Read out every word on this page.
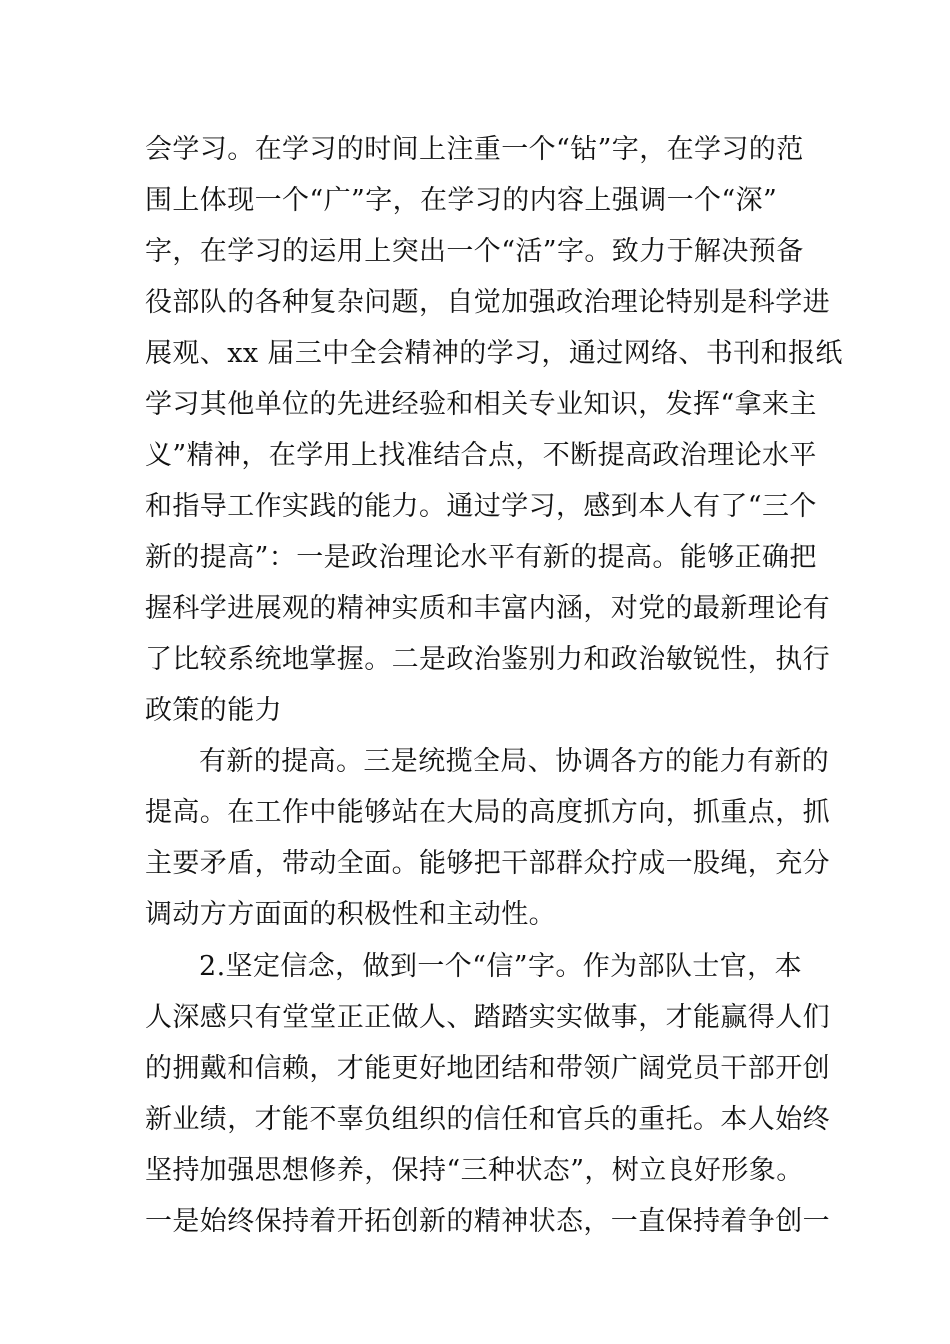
会学习。在学习的时间上注重一个“钻”字，在学习的范
围上体现一个“广”字，在学习的内容上强调一个“深”
字，在学习的运用上突出一个“活”字。致力于解决预备
役部队的各种复杂问题，自觉加强政治理论特别是科学进
展观、xx 届三中全会精神的学习，通过网络、书刊和报纸
学习其他单位的先进经验和相关专业知识，发挥“拿来主
义”精神，在学用上找准结合点，不断提高政治理论水平
和指导工作实践的能力。通过学习，感到本人有了“三个
新的提高”：一是政治理论水平有新的提高。能够正确把
握科学进展观的精神实质和丰富内涵，对党的最新理论有
了比较系统地掌握。二是政治鉴别力和政治敏锐性，执行
政策的能力
有新的提高。三是统揽全局、协调各方的能力有新的
提高。在工作中能够站在大局的高度抓方向，抓重点，抓
主要矛盾，带动全面。能够把干部群众拧成一股绳，充分
调动方方面面的积极性和主动性。
2.坚定信念，做到一个“信”字。作为部队士官，本
人深感只有堂堂正正做人、踏踏实实做事，才能赢得人们
的拥戴和信赖，才能更好地团结和带领广阔党员干部开创
新业绩，才能不辜负组织的信任和官兵的重托。本人始终
坚持加强思想修养，保持“三种状态”，树立良好形象。
一是始终保持着开拓创新的精神状态，一直保持着争创一
